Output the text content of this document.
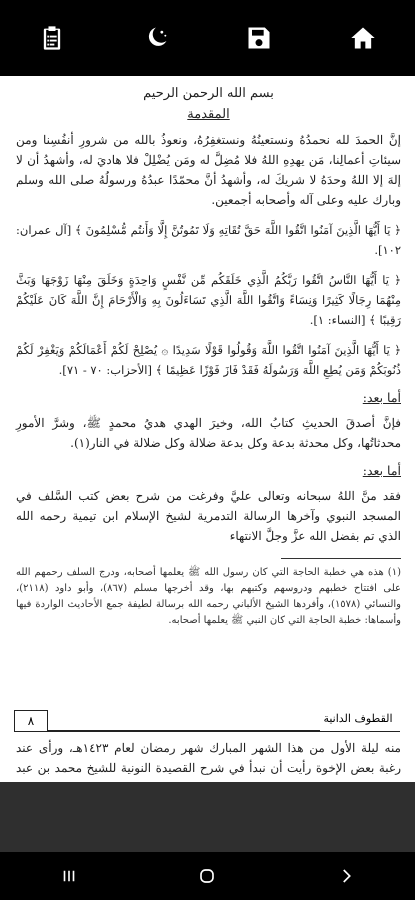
بسم الله الرحمن الرحيم
المقدمة
إنَّ الحمدَ لله نحمدُهُ ونستعينُهُ ونستغفِرُهُ، ونعوذُ بالله من شرورِ أنفُسِنا ومن سيئاتِ أعمالِنا، مَن يهدِهِ اللهُ فلا مُضِلَّ له ومَن يُضْلِلْ فلا هاديَ له، وأشهدُ أن لا إلهَ إلا اللهُ وحدَهُ لا شريكَ له، وأشهدُ أنَّ محمّدًا عبدُهُ ورسولُهُ صلى الله وسلم وبارك عليه وعلى آله وأصحابه أجمعين.
﴿ يَا أَيُّهَا الَّذِينَ آمَنُوا اتَّقُوا اللَّهَ حَقَّ تُقَاتِهِ وَلَا تَمُوتُنَّ إِلَّا وَأَنتُم مُّسْلِمُونَ ﴾ [آل عمران: ١٠٢].
﴿ يَا أَيُّهَا النَّاسُ اتَّقُوا رَبَّكُمُ الَّذِي خَلَقَكُم مِّن نَّفْسٍ وَاحِدَةٍ وَخَلَقَ مِنْهَا زَوْجَهَا وَبَثَّ مِنْهُمَا رِجَالًا كَثِيرًا وَنِسَاءً وَاتَّقُوا اللَّهَ الَّذِي تَسَاءَلُونَ بِهِ وَالْأَرْحَامَ إِنَّ اللَّهَ كَانَ عَلَيْكُمْ رَقِيبًا ﴾ [النساء: ١].
﴿ يَا أَيُّهَا الَّذِينَ آمَنُوا اتَّقُوا اللَّهَ وَقُولُوا قَوْلًا سَدِيدًا ۞ يُصْلِحْ لَكُمْ أَعْمَالَكُمْ وَيَغْفِرْ لَكُمْ ذُنُوبَكُمْ وَمَن يُطِعِ اللَّهَ وَرَسُولَهُ فَقَدْ فَازَ فَوْزًا عَظِيمًا ﴾ [الأحزاب: ٧٠ - ٧١].
أما بعد:
فإنَّ أصدقَ الحديثِ كتابُ الله، وخيرَ الهدي هديُ محمدٍ ﷺ، وشرَّ الأمورِ محدثاتُها، وكل محدثة بدعة وكل بدعة ضلالة وكل ضلالة في النار(١).
أما بعد:
فقد منَّ اللهُ سبحانه وتعالى عليَّ وفرغت من شرح بعض كتب السَّلف في المسجد النبوي وآخرها الرسالة التدمرية لشيخ الإسلام ابن تيمية رحمه الله الذي تم بفضل الله عزَّ وجلَّ الانتهاء
(١) هذه هي خطبة الحاجة التي كان رسول الله ﷺ يعلمها أصحابه، ودرج السلف رحمهم الله على افتتاح خطبهم ودروسهم وكتبهم بها، وقد أخرجها مسلم (٨٦٧)، وأبو داود (٢١١٨)، والنسائي (١٥٧٨)، وأفردها الشيخ الألباني رحمه الله برسالة لطيفة جمع الأحاديث الواردة فيها وأسماها: خطبة الحاجة التي كان النبي ﷺ يعلمها أصحابه.
٨	القطوف الدانية
منه ليلة الأول من هذا الشهر المبارك شهر رمضان لعام ١٤٢٣هـ، ورأى عند رغبة بعض الإخوة رأيت أن نبدأ في شرح القصيدة النونية للشيخ محمد بن عبد
